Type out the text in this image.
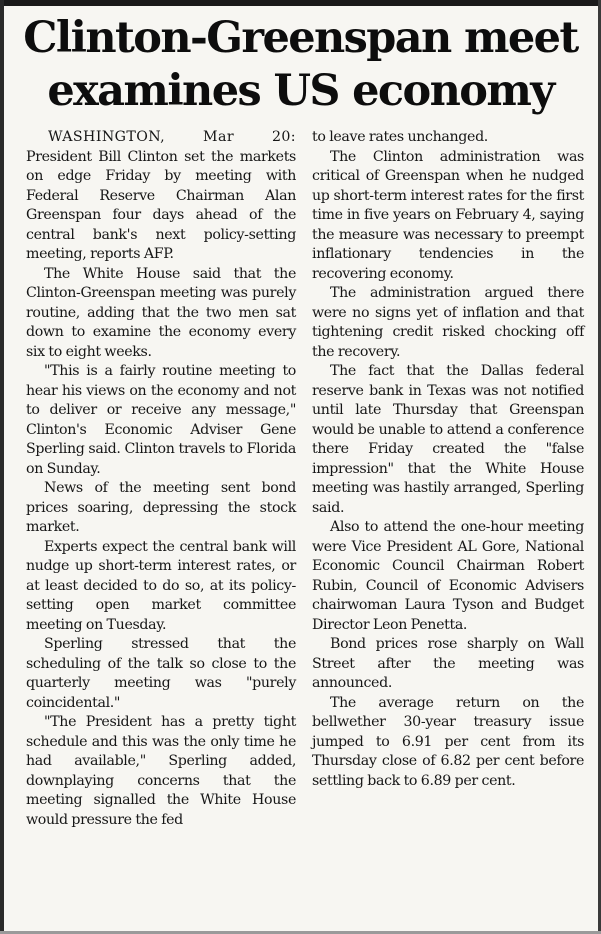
Clinton-Greenspan meet
examines US economy

WASHINGTON, Mar 20: President Bill Clinton set the markets on edge Friday by meeting with Federal Reserve Chairman Alan Greenspan four days ahead of the central bank's next policy-setting meeting, reports AFP.

The White House said that the Clinton-Greenspan meeting was purely routine, adding that the two men sat down to examine the economy every six to eight weeks.

"This is a fairly routine meeting to hear his views on the economy and not to deliver or receive any message," Clinton's Economic Adviser Gene Sperling said. Clinton travels to Florida on Sunday.

News of the meeting sent bond prices soaring, depressing the stock market.

Experts expect the central bank will nudge up short-term interest rates, or at least decided to do so, at its policy-setting open market committee meeting on Tuesday.

Sperling stressed that the scheduling of the talk so close to the quarterly meeting was "purely coincidental."

"The President has a pretty tight schedule and this was the only time he had available," Sperling added, downplaying concerns that the meeting signalled the White House would pressure the fed

to leave rates unchanged.

The Clinton administration was critical of Greenspan when he nudged up short-term interest rates for the first time in five years on February 4, saying the measure was necessary to preempt inflationary tendencies in the recovering economy.

The administration argued there were no signs yet of inflation and that tightening credit risked chocking off the recovery.

The fact that the Dallas federal reserve bank in Texas was not notified until late Thursday that Greenspan would be unable to attend a conference there Friday created the "false impression" that the White House meeting was hastily arranged, Sperling said.

Also to attend the one-hour meeting were Vice President AL Gore, National Economic Council Chairman Robert Rubin, Council of Economic Advisers chairwoman Laura Tyson and Budget Director Leon Penetta.

Bond prices rose sharply on Wall Street after the meeting was announced.

The average return on the bellwether 30-year treasury issue jumped to 6.91 per cent from its Thursday close of 6.82 per cent before settling back to 6.89 per cent.
